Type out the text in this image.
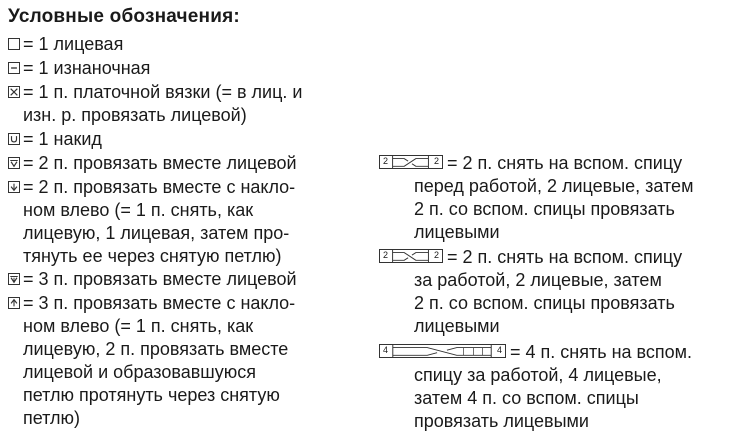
Условные обозначения:
= 1 лицевая
= 1 изнаночная
= 1 п. платочной вязки (= в лиц. и
изн. р. провязать лицевой)
= 1 накид
= 2 п. провязать вместе лицевой
= 2 п. провязать вместе с накло-
ном влево (= 1 п. снять, как
лицевую, 1 лицевая, затем про-
тянуть ее через снятую петлю)
= 3 п. провязать вместе лицевой
= 3 п. провязать вместе с накло-
ном влево (= 1 п. снять, как
лицевую, 2 п. провязать вместе
лицевой и образовавшуюся
петлю протянуть через снятую
петлю)
2	2 = 2 п. снять на вспом. спицу
перед работой, 2 лицевые, затем
2 п. со вспом. спицы провязать
лицевыми
2	2 = 2 п. снять на вспом. спицу
за работой, 2 лицевые, затем
2 п. со вспом. спицы провязать
лицевыми
4	4 = 4 п. снять на вспом.
спицу за работой, 4 лицевые,
затем 4 п. со вспом. спицы
провязать лицевыми
